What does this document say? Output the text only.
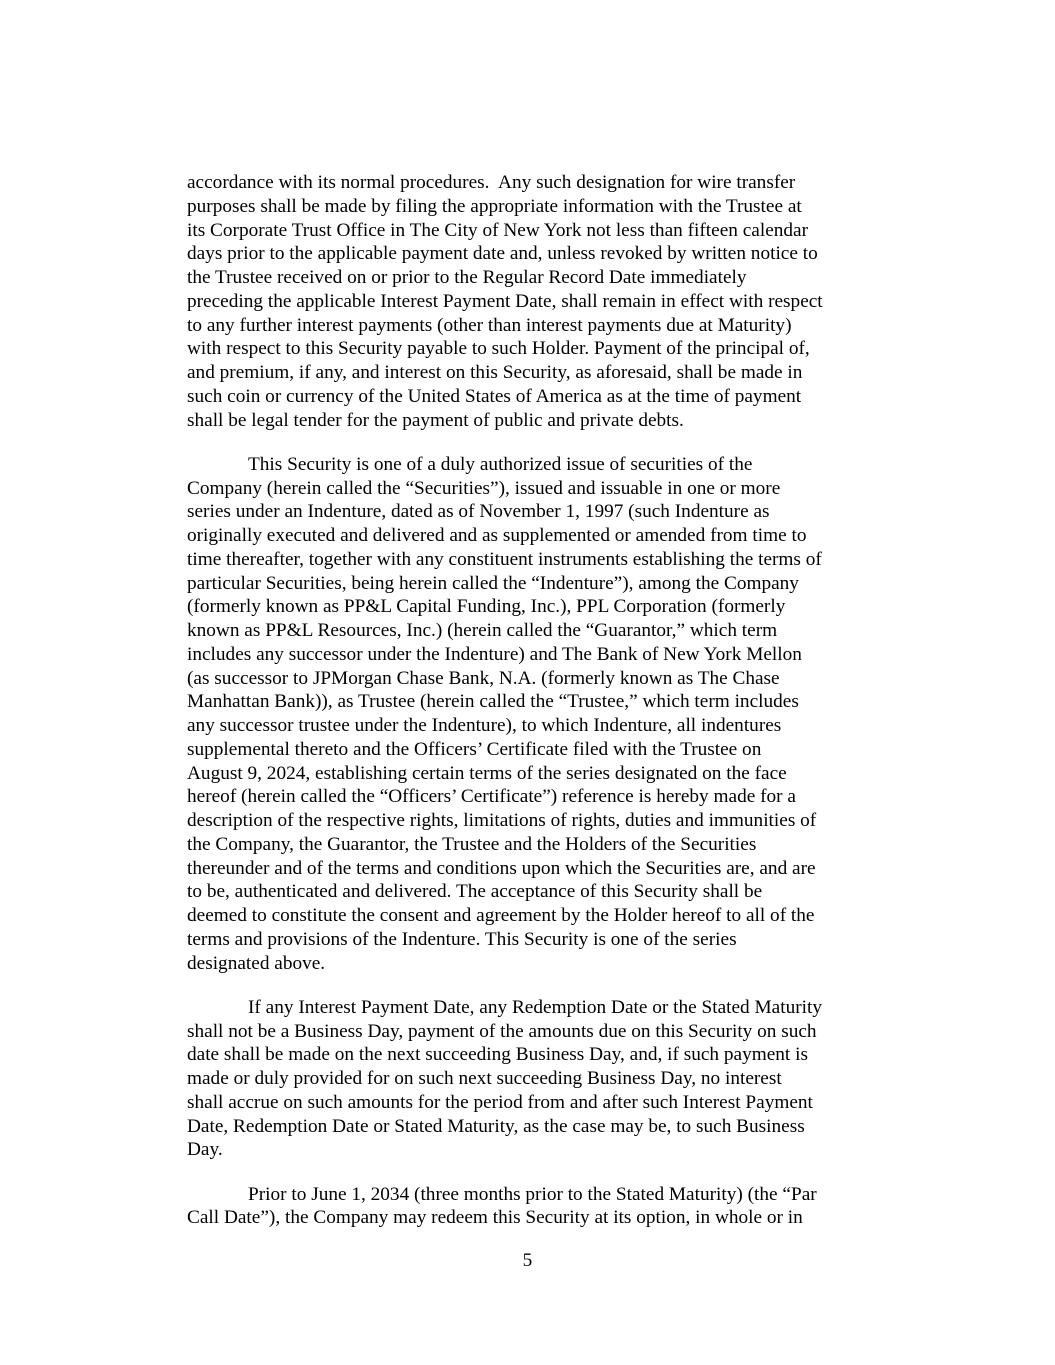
accordance with its normal procedures.  Any such designation for wire transfer
purposes shall be made by filing the appropriate information with the Trustee at
its Corporate Trust Office in The City of New York not less than fifteen calendar
days prior to the applicable payment date and, unless revoked by written notice to
the Trustee received on or prior to the Regular Record Date immediately
preceding the applicable Interest Payment Date, shall remain in effect with respect
to any further interest payments (other than interest payments due at Maturity)
with respect to this Security payable to such Holder. Payment of the principal of,
and premium, if any, and interest on this Security, as aforesaid, shall be made in
such coin or currency of the United States of America as at the time of payment
shall be legal tender for the payment of public and private debts.
This Security is one of a duly authorized issue of securities of the
Company (herein called the “Securities”), issued and issuable in one or more
series under an Indenture, dated as of November 1, 1997 (such Indenture as
originally executed and delivered and as supplemented or amended from time to
time thereafter, together with any constituent instruments establishing the terms of
particular Securities, being herein called the “Indenture”), among the Company
(formerly known as PP&L Capital Funding, Inc.), PPL Corporation (formerly
known as PP&L Resources, Inc.) (herein called the “Guarantor,” which term
includes any successor under the Indenture) and The Bank of New York Mellon
(as successor to JPMorgan Chase Bank, N.A. (formerly known as The Chase
Manhattan Bank)), as Trustee (herein called the “Trustee,” which term includes
any successor trustee under the Indenture), to which Indenture, all indentures
supplemental thereto and the Officers’ Certificate filed with the Trustee on
August 9, 2024, establishing certain terms of the series designated on the face
hereof (herein called the “Officers’ Certificate”) reference is hereby made for a
description of the respective rights, limitations of rights, duties and immunities of
the Company, the Guarantor, the Trustee and the Holders of the Securities
thereunder and of the terms and conditions upon which the Securities are, and are
to be, authenticated and delivered. The acceptance of this Security shall be
deemed to constitute the consent and agreement by the Holder hereof to all of the
terms and provisions of the Indenture. This Security is one of the series
designated above.
If any Interest Payment Date, any Redemption Date or the Stated Maturity
shall not be a Business Day, payment of the amounts due on this Security on such
date shall be made on the next succeeding Business Day, and, if such payment is
made or duly provided for on such next succeeding Business Day, no interest
shall accrue on such amounts for the period from and after such Interest Payment
Date, Redemption Date or Stated Maturity, as the case may be, to such Business
Day.
Prior to June 1, 2034 (three months prior to the Stated Maturity) (the “Par
Call Date”), the Company may redeem this Security at its option, in whole or in
5
